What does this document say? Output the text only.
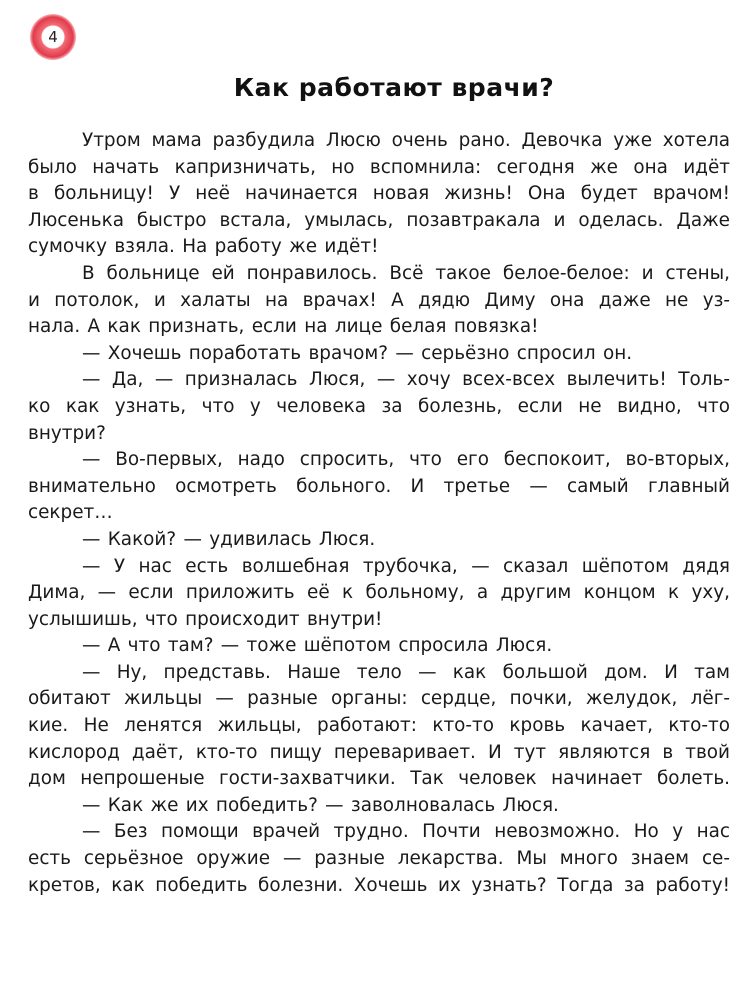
4
Как работают врачи?

Утром мама разбудила Люсю очень рано. Девочка уже хотела
было начать капризничать, но вспомнила: сегодня же она идёт
в больницу! У неё начинается новая жизнь! Она будет врачом!
Люсенька быстро встала, умылась, позавтракала и оделась. Даже
сумочку взяла. На работу же идёт!

В больнице ей понравилось. Всё такое белое-белое: и стены,
и потолок, и халаты на врачах! А дядю Диму она даже не уз-
нала. А как признать, если на лице белая повязка!

— Хочешь поработать врачом? — серьёзно спросил он.

— Да, — призналась Люся, — хочу всех-всех вылечить! Толь-
ко как узнать, что у человека за болезнь, если не видно, что
внутри?

— Во-первых, надо спросить, что его беспокоит, во-вторых,
внимательно осмотреть больного. И третье — самый главный
секрет…

— Какой? — удивилась Люся.

— У нас есть волшебная трубочка, — сказал шёпотом дядя
Дима, — если приложить её к больному, а другим концом к уху,
услышишь, что происходит внутри!

— А что там? — тоже шёпотом спросила Люся.

— Ну, представь. Наше тело — как большой дом. И там
обитают жильцы — разные органы: сердце, почки, желудок, лёг-
кие. Не ленятся жильцы, работают: кто-то кровь качает, кто-то
кислород даёт, кто-то пищу переваривает. И тут являются в твой
дом непрошеные гости-захватчики. Так человек начинает болеть.

— Как же их победить? — заволновалась Люся.

— Без помощи врачей трудно. Почти невозможно. Но у нас
есть серьёзное оружие — разные лекарства. Мы много знаем се-
кретов, как победить болезни. Хочешь их узнать? Тогда за работу!
